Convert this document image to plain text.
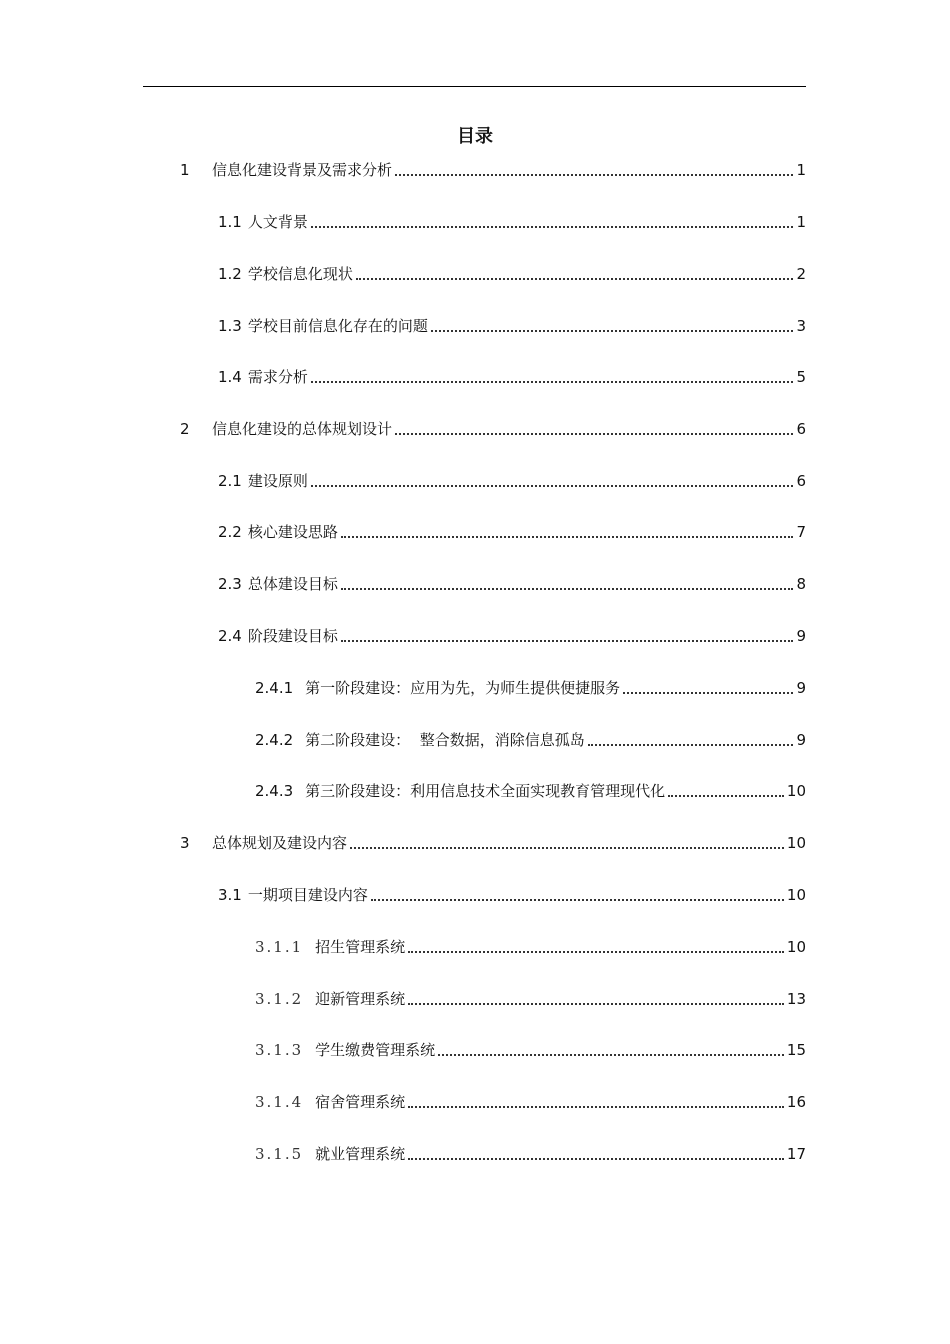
目录
1	信息化建设背景及需求分析	1
1.1 人文背景	1
1.2 学校信息化现状	2
1.3 学校目前信息化存在的问题	3
1.4 需求分析	5
2	信息化建设的总体规划设计	6
2.1 建设原则	6
2.2 核心建设思路	7
2.3 总体建设目标	8
2.4 阶段建设目标	9
2.4.1 第一阶段建设：应用为先，为师生提供便捷服务	9
2.4.2 第二阶段建设：  整合数据，消除信息孤岛	9
2.4.3 第三阶段建设：利用信息技术全面实现教育管理现代化	10
3	总体规划及建设内容	10
3.1 一期项目建设内容	10
3.1.1 招生管理系统	10
3.1.2 迎新管理系统	13
3.1.3 学生缴费管理系统	15
3.1.4 宿舍管理系统	16
3.1.5 就业管理系统	17
